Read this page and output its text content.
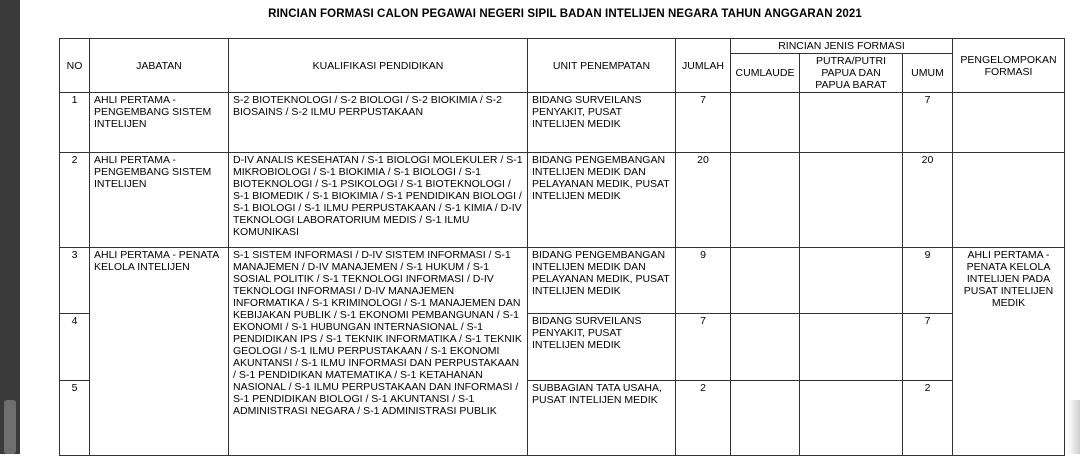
RINCIAN FORMASI CALON PEGAWAI NEGERI SIPIL BADAN INTELIJEN NEGARA TAHUN ANGGARAN 2021
NO	JABATAN	KUALIFIKASI PENDIDIKAN	UNIT PENEMPATAN	JUMLAH	RINCIAN JENIS FORMASI			PENGELOMPOKAN FORMASI
					CUMLAUDE	PUTRA/PUTRI PAPUA DAN PAPUA BARAT	UMUM	
1	AHLI PERTAMA - PENGEMBANG SISTEM INTELIJEN	S-2 BIOTEKNOLOGI / S-2 BIOLOGI / S-2 BIOKIMIA / S-2 BIOSAINS / S-2 ILMU PERPUSTAKAAN	BIDANG SURVEILANS PENYAKIT, PUSAT INTELIJEN MEDIK	7			7	
2	AHLI PERTAMA - PENGEMBANG SISTEM INTELIJEN	D-IV ANALIS KESEHATAN / S-1 BIOLOGI MOLEKULER / S-1 MIKROBIOLOGI / S-1 BIOKIMIA / S-1 BIOLOGI / S-1 BIOTEKNOLOGI / S-1 PSIKOLOGI / S-1 BIOTEKNOLOGI / S-1 BIOMEDIK / S-1 BIOKIMIA / S-1 PENDIDIKAN BIOLOGI / S-1 BIOLOGI / S-1 ILMU PERPUSTAKAAN / S-1 KIMIA / D-IV TEKNOLOGI LABORATORIUM MEDIS / S-1 ILMU KOMUNIKASI	BIDANG PENGEMBANGAN INTELIJEN MEDIK DAN PELAYANAN MEDIK, PUSAT INTELIJEN MEDIK	20			20	
3	AHLI PERTAMA - PENATA KELOLA INTELIJEN	S-1 SISTEM INFORMASI / D-IV SISTEM INFORMASI / S-1 MANAJEMEN / D-IV MANAJEMEN / S-1 HUKUM / S-1 SOSIAL POLITIK / S-1 TEKNOLOGI INFORMASI / D-IV TEKNOLOGI INFORMASI / D-IV MANAJEMEN INFORMATIKA / S-1 KRIMINOLOGI / S-1 MANAJEMEN DAN KEBIJAKAN PUBLIK / S-1 EKONOMI PEMBANGUNAN / S-1 EKONOMI / S-1 HUBUNGAN INTERNASIONAL / S-1 PENDIDIKAN IPS / S-1 TEKNIK INFORMATIKA / S-1 TEKNIK GEOLOGI / S-1 ILMU PERPUSTAKAAN / S-1 EKONOMI AKUNTANSI / S-1 ILMU INFORMASI DAN PERPUSTAKAAN / S-1 PENDIDIKAN MATEMATIKA / S-1 KETAHANAN NASIONAL / S-1 ILMU PERPUSTAKAAN DAN INFORMASI / S-1 PENDIDIKAN BIOLOGI / S-1 AKUNTANSI / S-1 ADMINISTRASI NEGARA / S-1 ADMINISTRASI PUBLIK	BIDANG PENGEMBANGAN INTELIJEN MEDIK DAN PELAYANAN MEDIK, PUSAT INTELIJEN MEDIK	9			9	AHLI PERTAMA - PENATA KELOLA INTELIJEN PADA PUSAT INTELIJEN MEDIK
4			BIDANG SURVEILANS PENYAKIT, PUSAT INTELIJEN MEDIK	7			7	
5			SUBBAGIAN TATA USAHA, PUSAT INTELIJEN MEDIK	2			2	
